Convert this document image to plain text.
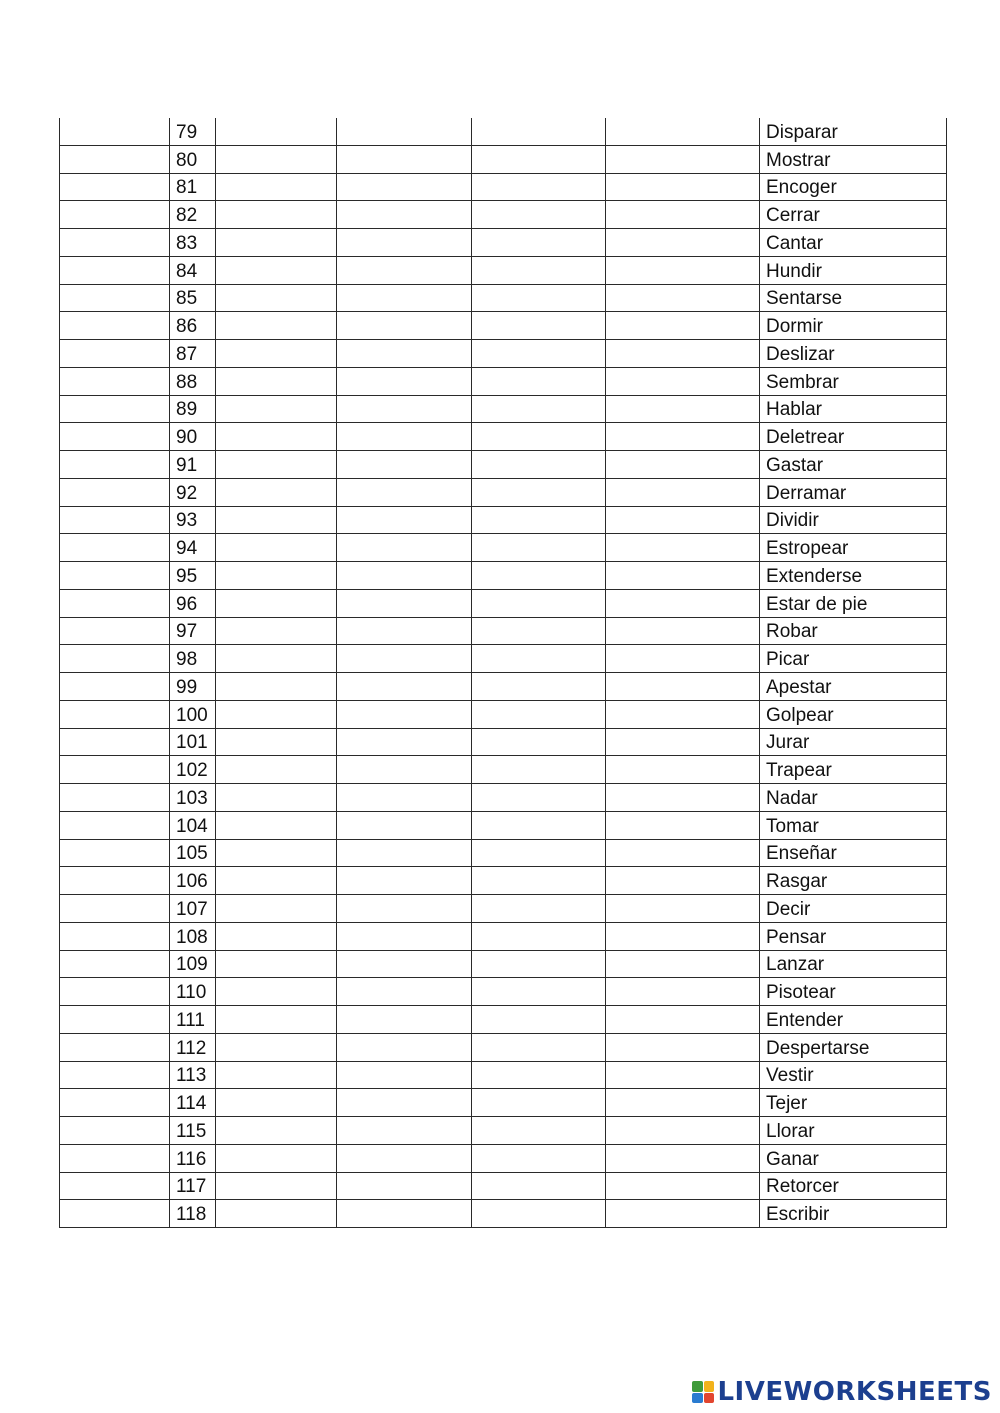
	79					Disparar

	80					Mostrar

	81					Encoger

	82					Cerrar

	83					Cantar

	84					Hundir

	85					Sentarse

	86					Dormir

	87					Deslizar

	88					Sembrar

	89					Hablar

	90					Deletrear

	91					Gastar

	92					Derramar

	93					Dividir

	94					Estropear

	95					Extenderse

	96					Estar de pie

	97					Robar

	98					Picar

	99					Apestar

	100					Golpear

	101					Jurar

	102					Trapear

	103					Nadar

	104					Tomar

	105					Enseñar

	106					Rasgar

	107					Decir

	108					Pensar

	109					Lanzar

	110					Pisotear

	111					Entender

	112					Despertarse

	113					Vestir

	114					Tejer

	115					Llorar

	116					Ganar

	117					Retorcer

	118					Escribir
LIVEWORKSHEETS
